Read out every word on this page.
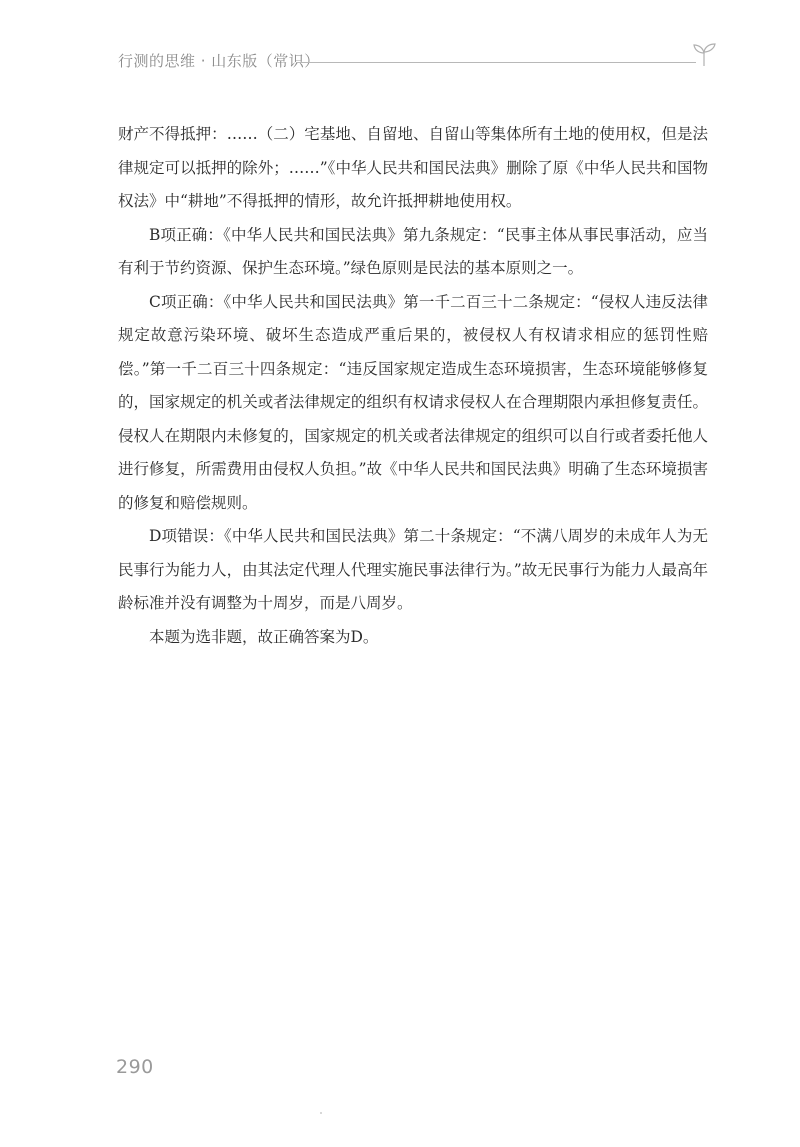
行测的思维 · 山东版（常识）

财产不得抵押：……（二）宅基地、自留地、自留山等集体所有土地的使用权，但是法律规定可以抵押的除外；……”《中华人民共和国民法典》删除了原《中华人民共和国物权法》中“耕地”不得抵押的情形，故允许抵押耕地使用权。

B项正确：《中华人民共和国民法典》第九条规定：“民事主体从事民事活动，应当有利于节约资源、保护生态环境。”绿色原则是民法的基本原则之一。

C项正确：《中华人民共和国民法典》第一千二百三十二条规定：“侵权人违反法律规定故意污染环境、破坏生态造成严重后果的，被侵权人有权请求相应的惩罚性赔偿。”第一千二百三十四条规定：“违反国家规定造成生态环境损害，生态环境能够修复的，国家规定的机关或者法律规定的组织有权请求侵权人在合理期限内承担修复责任。侵权人在期限内未修复的，国家规定的机关或者法律规定的组织可以自行或者委托他人进行修复，所需费用由侵权人负担。”故《中华人民共和国民法典》明确了生态环境损害的修复和赔偿规则。

D项错误：《中华人民共和国民法典》第二十条规定：“不满八周岁的未成年人为无民事行为能力人，由其法定代理人代理实施民事法律行为。”故无民事行为能力人最高年龄标准并没有调整为十周岁，而是八周岁。

本题为选非题，故正确答案为D。

290
